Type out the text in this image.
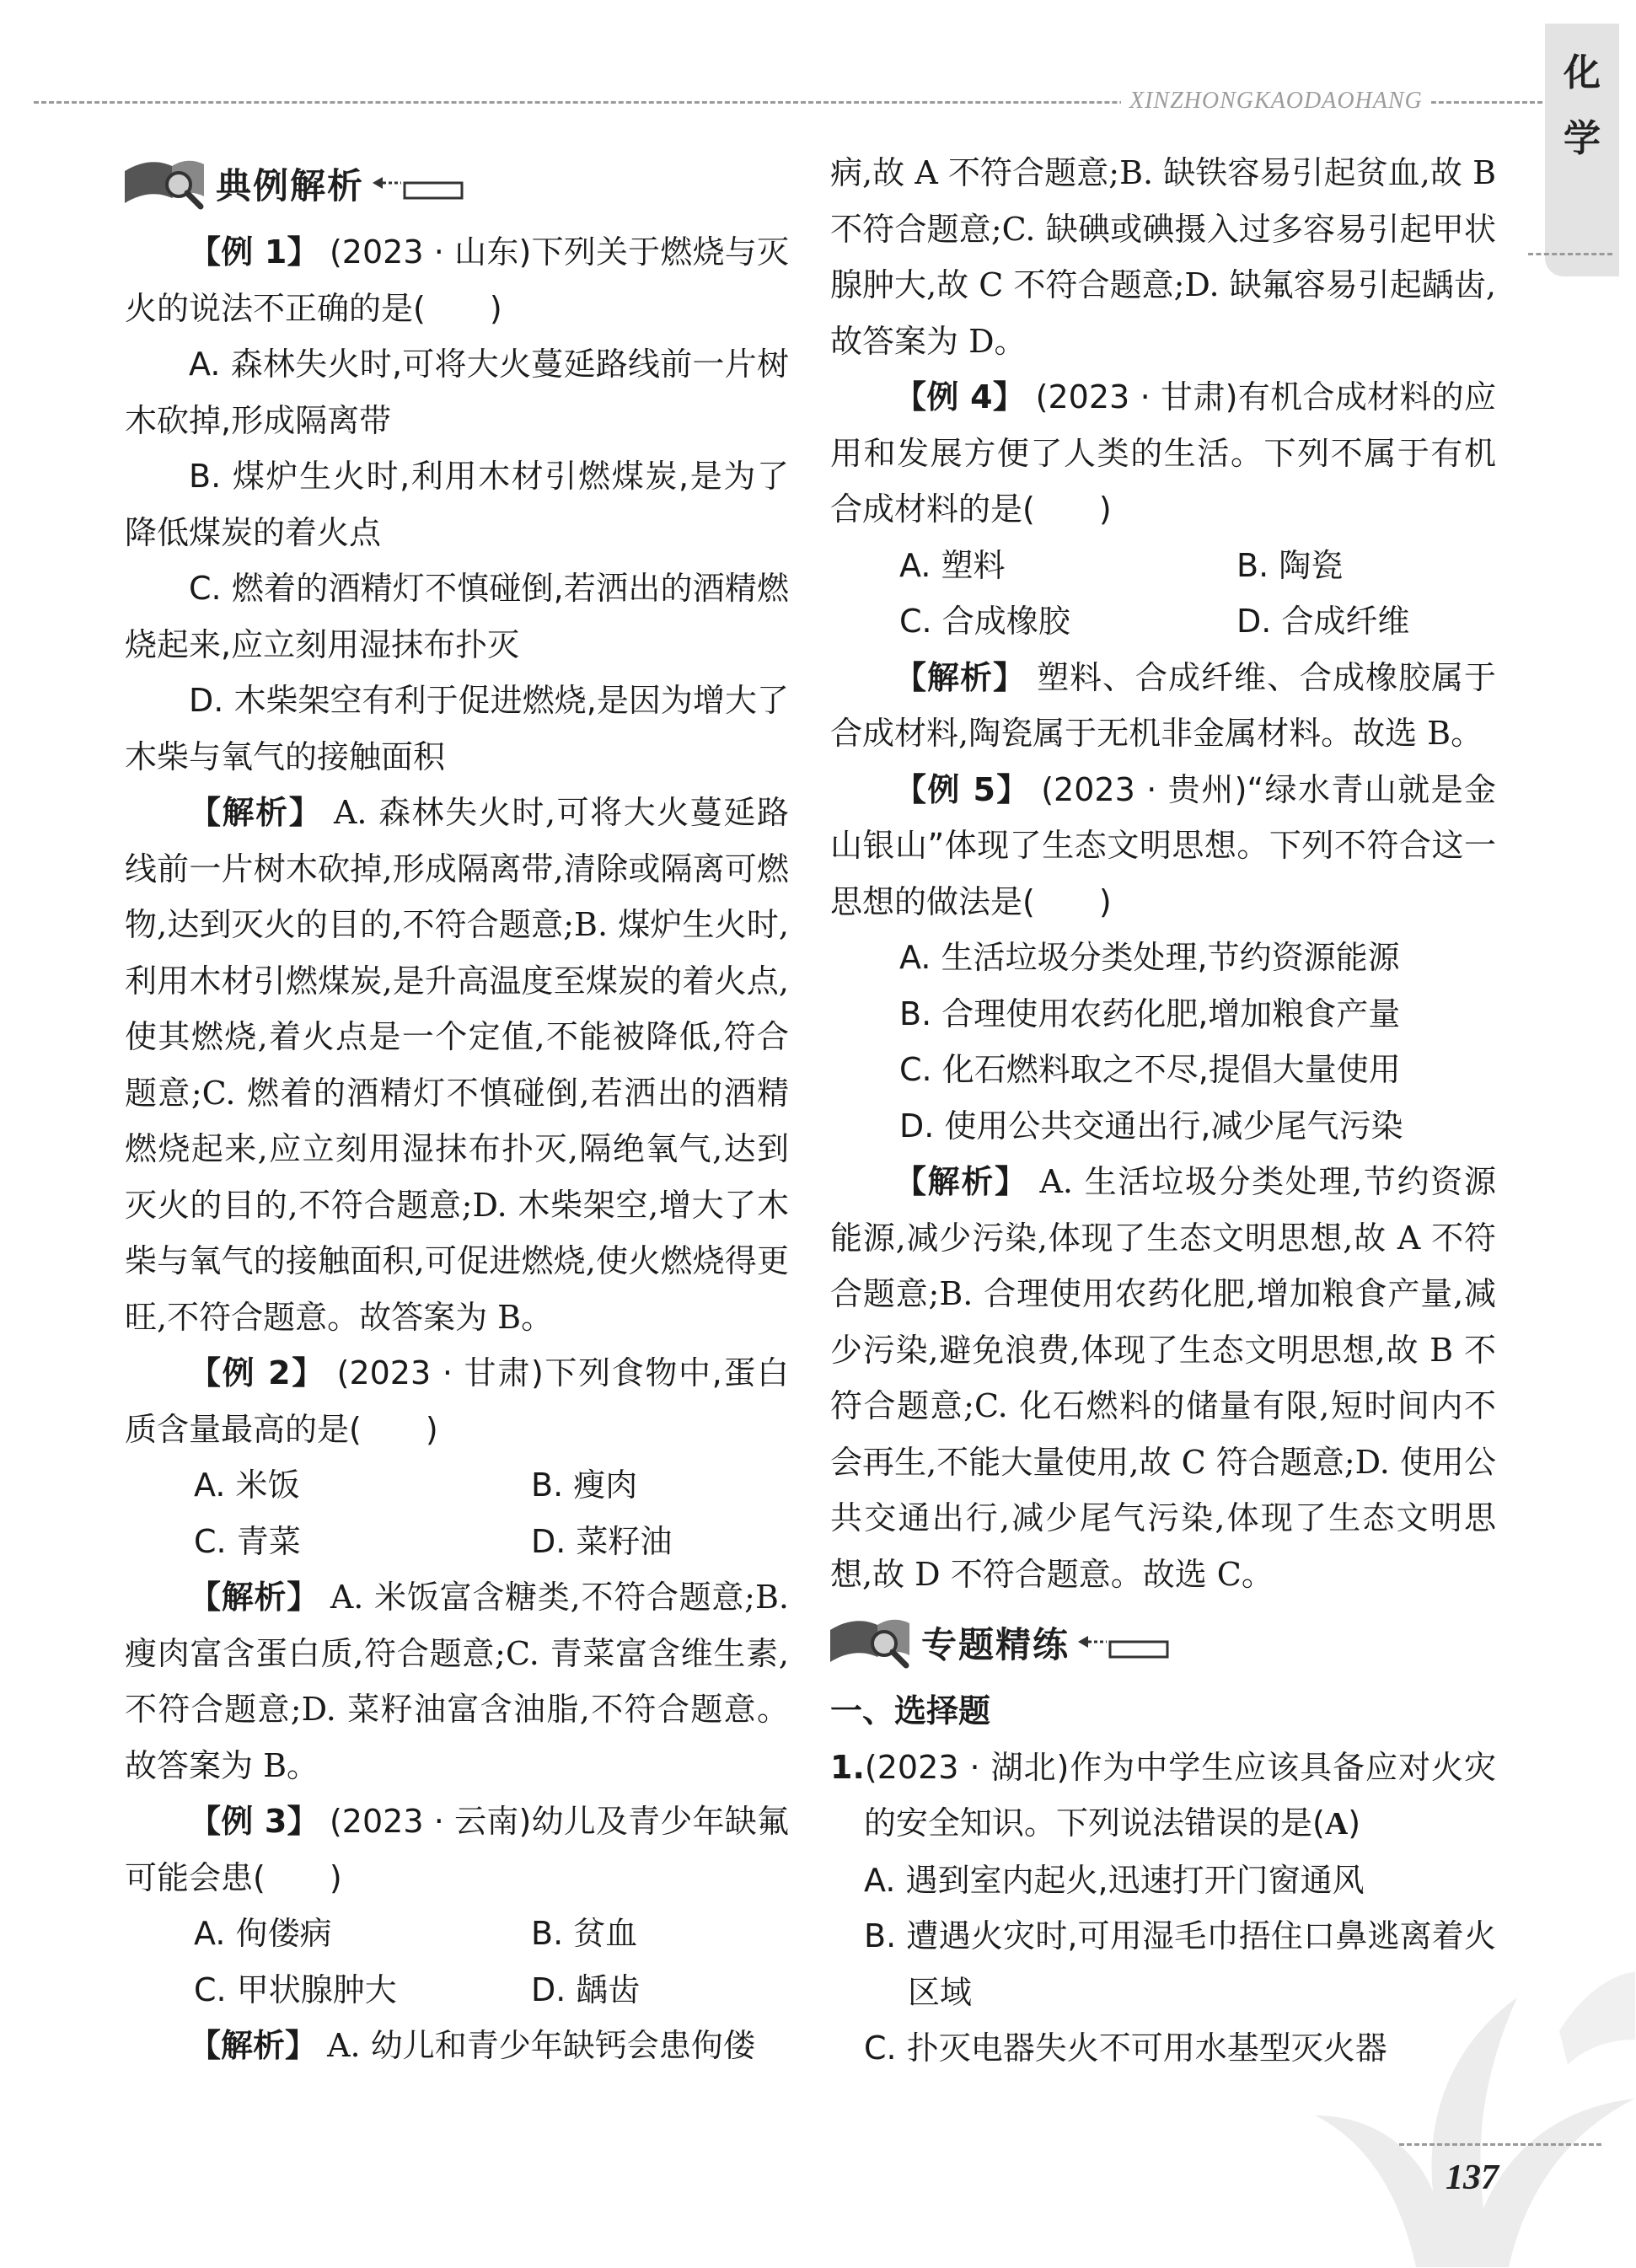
XINZHONGKAODAOHANG
化学
137
典例解析

【例 1】 (2023 · 山东)下列关于燃烧与灭火的说法不正确的是(　　)

A. 森林失火时,可将大火蔓延路线前一片树木砍掉,形成隔离带

B. 煤炉生火时,利用木材引燃煤炭,是为了降低煤炭的着火点

C. 燃着的酒精灯不慎碰倒,若洒出的酒精燃烧起来,应立刻用湿抹布扑灭

D. 木柴架空有利于促进燃烧,是因为增大了木柴与氧气的接触面积

【解析】 A. 森林失火时,可将大火蔓延路线前一片树木砍掉,形成隔离带,清除或隔离可燃物,达到灭火的目的,不符合题意;B. 煤炉生火时,利用木材引燃煤炭,是升高温度至煤炭的着火点,使其燃烧,着火点是一个定值,不能被降低,符合题意;C. 燃着的酒精灯不慎碰倒,若洒出的酒精燃烧起来,应立刻用湿抹布扑灭,隔绝氧气,达到灭火的目的,不符合题意;D. 木柴架空,增大了木柴与氧气的接触面积,可促进燃烧,使火燃烧得更旺,不符合题意。故答案为 B。

【例 2】 (2023 · 甘肃)下列食物中,蛋白质含量最高的是(　　)

A. 米饭	B. 瘦肉
C. 青菜	D. 菜籽油

【解析】 A. 米饭富含糖类,不符合题意;B. 瘦肉富含蛋白质,符合题意;C. 青菜富含维生素,不符合题意;D. 菜籽油富含油脂,不符合题意。故答案为 B。

【例 3】 (2023 · 云南)幼儿及青少年缺氟可能会患(　　)

A. 佝偻病	B. 贫血
C. 甲状腺肿大	D. 龋齿

【解析】 A. 幼儿和青少年缺钙会患佝偻

病,故 A 不符合题意;B. 缺铁容易引起贫血,故 B 不符合题意;C. 缺碘或碘摄入过多容易引起甲状腺肿大,故 C 不符合题意;D. 缺氟容易引起龋齿,故答案为 D。

【例 4】 (2023 · 甘肃)有机合成材料的应用和发展方便了人类的生活。下列不属于有机合成材料的是(　　)

A. 塑料	B. 陶瓷
C. 合成橡胶	D. 合成纤维

【解析】 塑料、合成纤维、合成橡胶属于合成材料,陶瓷属于无机非金属材料。故选 B。

【例 5】 (2023 · 贵州)“绿水青山就是金山银山”体现了生态文明思想。下列不符合这一思想的做法是(　　)

A. 生活垃圾分类处理,节约资源能源

B. 合理使用农药化肥,增加粮食产量

C. 化石燃料取之不尽,提倡大量使用

D. 使用公共交通出行,减少尾气污染

【解析】 A. 生活垃圾分类处理,节约资源能源,减少污染,体现了生态文明思想,故 A 不符合题意;B. 合理使用农药化肥,增加粮食产量,减少污染,避免浪费,体现了生态文明思想,故 B 不符合题意;C. 化石燃料的储量有限,短时间内不会再生,不能大量使用,故 C 符合题意;D. 使用公共交通出行,减少尾气污染,体现了生态文明思想,故 D 不符合题意。故选 C。

专题精练

一、选择题

1.(2023 · 湖北)作为中学生应该具备应对火灾的安全知识。下列说法错误的是(A)

A. 遇到室内起火,迅速打开门窗通风

B. 遭遇火灾时,可用湿毛巾捂住口鼻逃离着火区域

C. 扑灭电器失火不可用水基型灭火器
